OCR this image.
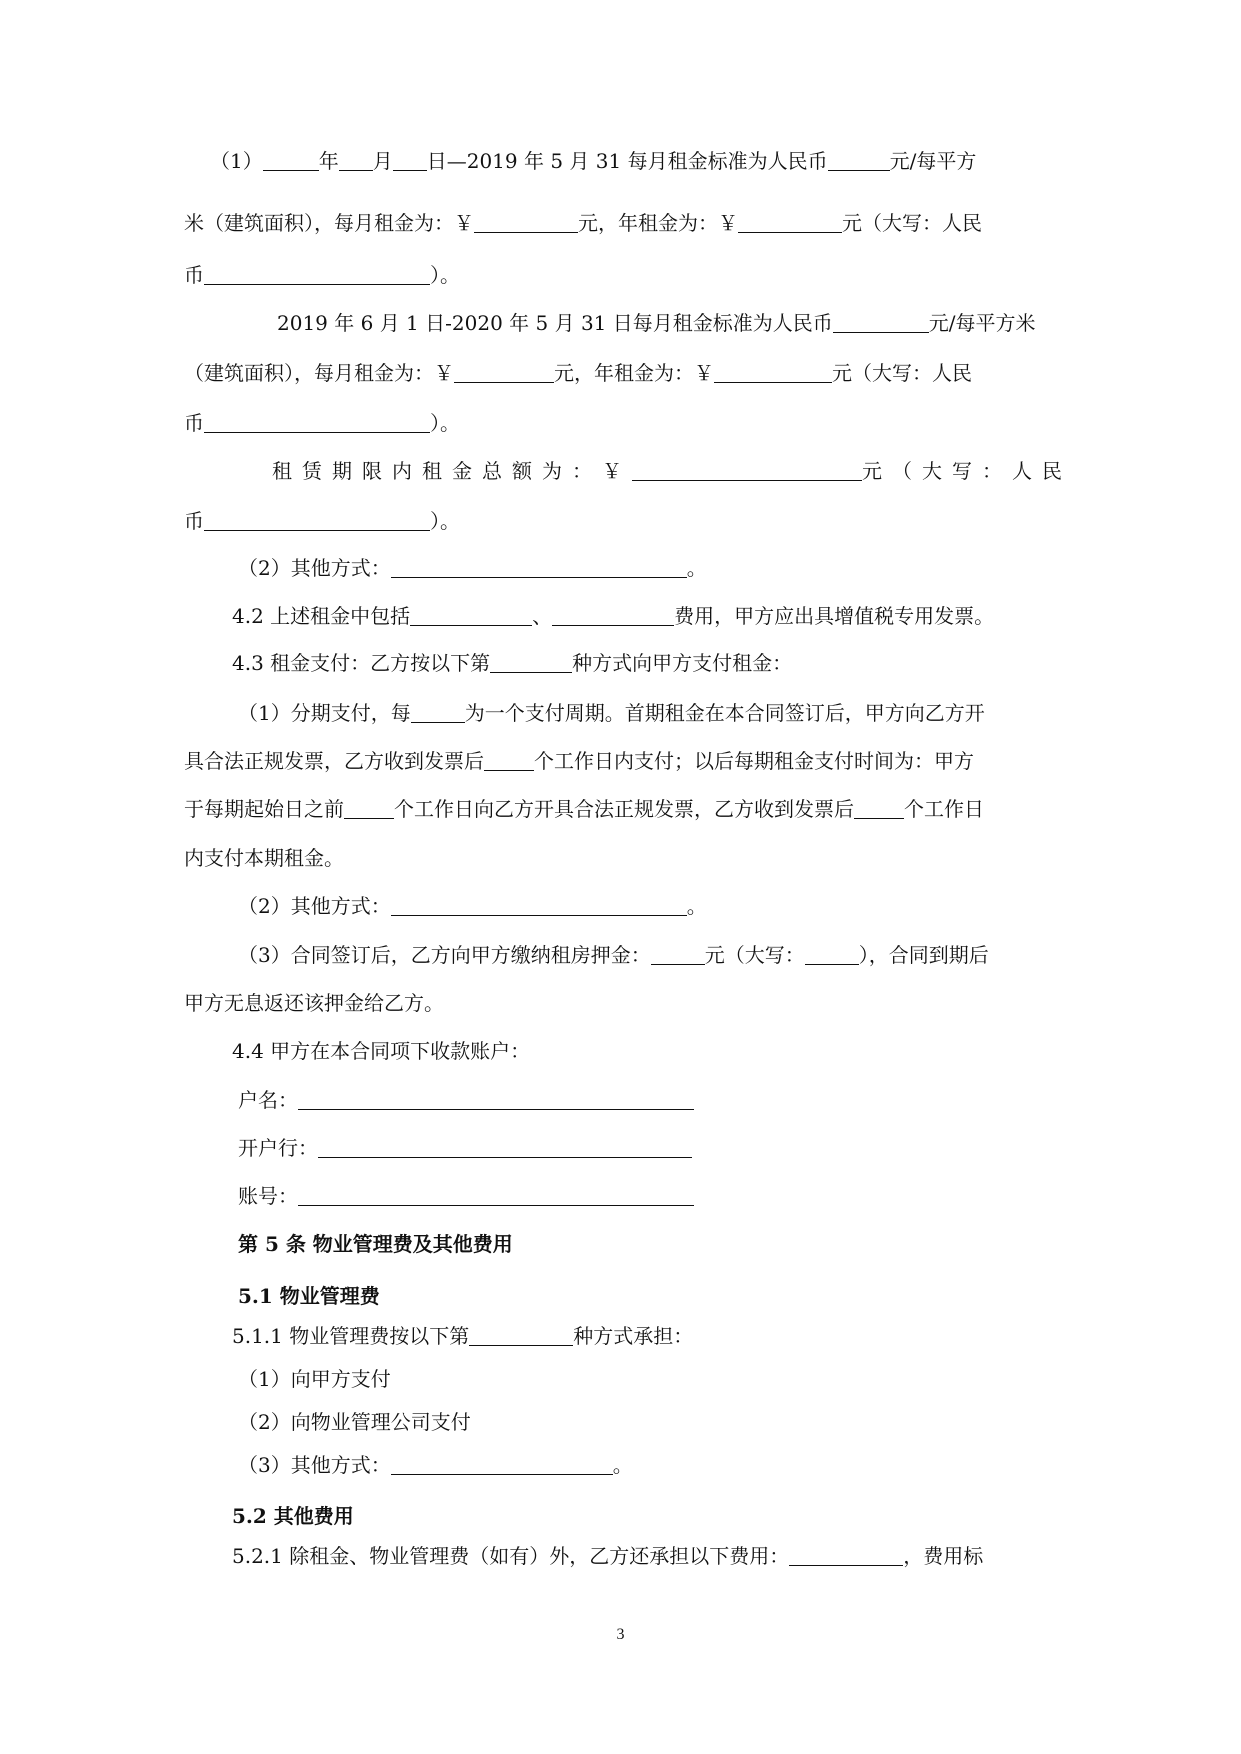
（1）	年 月 日—2019 年 5 月 31 每月租金标准为人民币	元/每平方
米（建筑面积），每月租金为：￥	元，年租金为：￥	元（大写：人民
币	）。
2019 年 6 月 1 日-2020 年 5 月 31 日每月租金标准为人民币	元/每平方米
（建筑面积），每月租金为：￥	元，年租金为：￥	元（大写：人民
币	）。
租赁期限内租金总额为：￥	元（大写：人民
币	）。
（2）其他方式：	。
4.2 上述租金中包括	、	费用，甲方应出具增值税专用发票。
4.3 租金支付：乙方按以下第	种方式向甲方支付租金：
（1）分期支付，每	为一个支付周期。首期租金在本合同签订后，甲方向乙方开
具合法正规发票，乙方收到发票后	个工作日内支付；以后每期租金支付时间为：甲方
于每期起始日之前	个工作日向乙方开具合法正规发票，乙方收到发票后	个工作日
内支付本期租金。
（2）其他方式：	。
（3）合同签订后，乙方向甲方缴纳租房押金：	元（大写：	），合同到期后
甲方无息返还该押金给乙方。
4.4 甲方在本合同项下收款账户：
户名：
开户行：
账号：
第 5 条 物业管理费及其他费用
5.1 物业管理费
5.1.1 物业管理费按以下第	种方式承担：
（1）向甲方支付
（2）向物业管理公司支付
（3）其他方式：	。
5.2 其他费用
5.2.1 除租金、物业管理费（如有）外，乙方还承担以下费用：	，费用标
3
